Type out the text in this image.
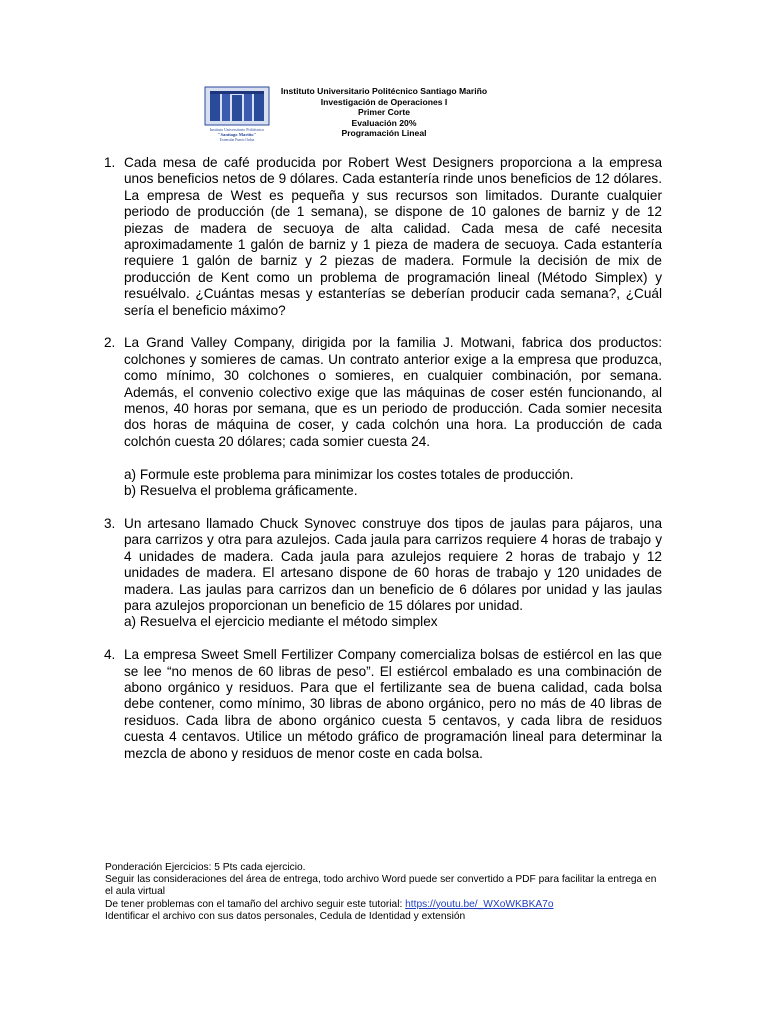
Instituto Universitario Politécnico
"Santiago Mariño"
Extensión Puerto Ordaz
Instituto Universitario Politécnico Santiago Mariño
Investigación de Operaciones I
Primer Corte
Evaluación 20%
Programación Lineal
1. Cada mesa de café producida por Robert West Designers proporciona a la empresa unos beneficios netos de 9 dólares. Cada estantería rinde unos beneficios de 12 dólares. La empresa de West es pequeña y sus recursos son limitados. Durante cualquier periodo de producción (de 1 semana), se dispone de 10 galones de barniz y de 12 piezas de madera de secuoya de alta calidad. Cada mesa de café necesita aproximadamente 1 galón de barniz y 1 pieza de madera de secuoya. Cada estantería requiere 1 galón de barniz y 2 piezas de madera. Formule la decisión de mix de producción de Kent como un problema de programación lineal (Método Simplex) y resuélvalo. ¿Cuántas mesas y estanterías se deberían producir cada semana?, ¿Cuál sería el beneficio máximo?

2. La Grand Valley Company, dirigida por la familia J. Motwani, fabrica dos productos: colchones y somieres de camas. Un contrato anterior exige a la empresa que produzca, como mínimo, 30 colchones o somieres, en cualquier combinación, por semana. Además, el convenio colectivo exige que las máquinas de coser estén funcionando, al menos, 40 horas por semana, que es un periodo de producción. Cada somier necesita dos horas de máquina de coser, y cada colchón una hora. La producción de cada colchón cuesta 20 dólares; cada somier cuesta 24.

a) Formule este problema para minimizar los costes totales de producción.
b) Resuelva el problema gráficamente.
3. Un artesano llamado Chuck Synovec construye dos tipos de jaulas para pájaros, una para carrizos y otra para azulejos. Cada jaula para carrizos requiere 4 horas de trabajo y 4 unidades de madera. Cada jaula para azulejos requiere 2 horas de trabajo y 12 unidades de madera. El artesano dispone de 60 horas de trabajo y 120 unidades de madera. Las jaulas para carrizos dan un beneficio de 6 dólares por unidad y las jaulas para azulejos proporcionan un beneficio de 15 dólares por unidad.

a) Resuelva el ejercicio mediante el método simplex
4. La empresa Sweet Smell Fertilizer Company comercializa bolsas de estiércol en las que se lee “no menos de 60 libras de peso”. El estiércol embalado es una combinación de abono orgánico y residuos. Para que el fertilizante sea de buena calidad, cada bolsa debe contener, como mínimo, 30 libras de abono orgánico, pero no más de 40 libras de residuos. Cada libra de abono orgánico cuesta 5 centavos, y cada libra de residuos cuesta 4 centavos. Utilice un método gráfico de programación lineal para determinar la mezcla de abono y residuos de menor coste en cada bolsa.

Ponderación Ejercicios: 5 Pts cada ejercicio.
Seguir las consideraciones del área de entrega, todo archivo Word puede ser convertido a PDF para facilitar la entrega en el aula virtual
De tener problemas con el tamaño del archivo seguir este tutorial: https://youtu.be/_WXoWKBKA7o
Identificar el archivo con sus datos personales, Cedula de Identidad y extensión
